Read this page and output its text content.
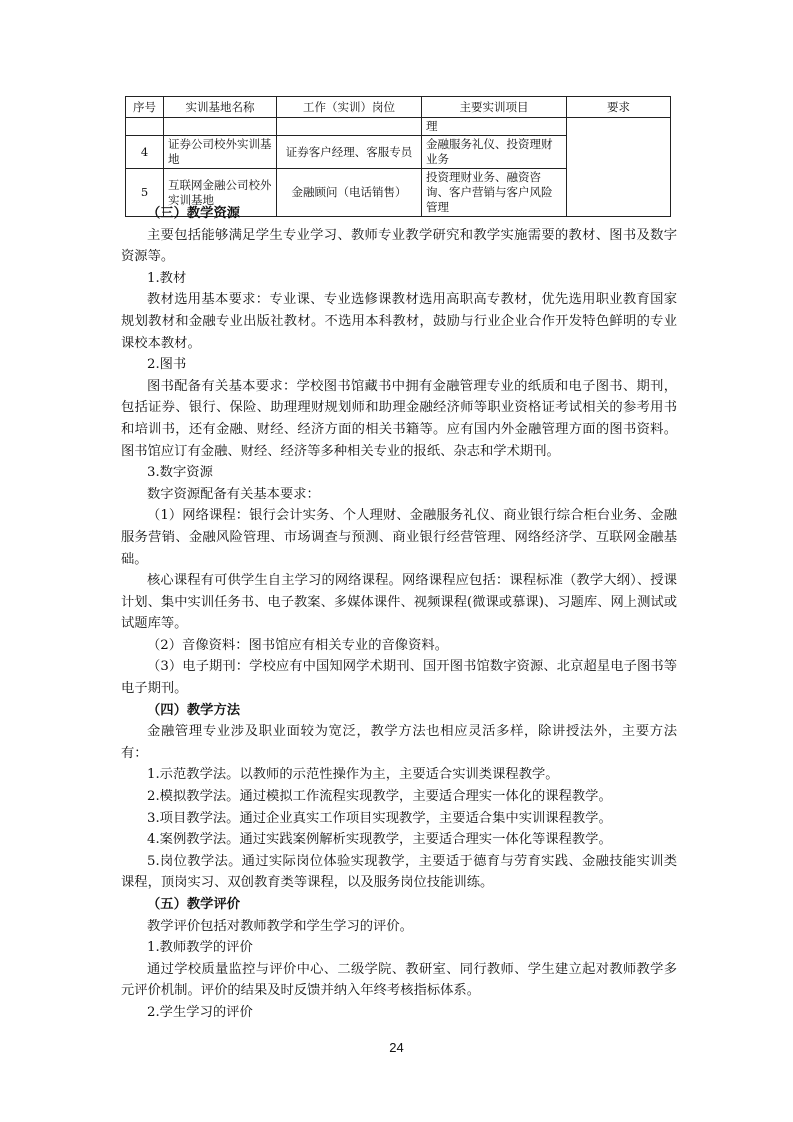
序号	实训基地名称	工作（实训）岗位	主要实训项目	要求
			理	
4	证券公司校外实训基地	证券客户经理、客服专员	金融服务礼仪、投资理财业务	
5	互联网金融公司校外实训基地	金融顾问（电话销售）	投资理财业务、融资咨询、客户营销与客户风险管理	

（三）教学资源

主要包括能够满足学生专业学习、教师专业教学研究和教学实施需要的教材、图书及数字资源等。

1.教材

教材选用基本要求：专业课、专业选修课教材选用高职高专教材，优先选用职业教育国家规划教材和金融专业出版社教材。不选用本科教材，鼓励与行业企业合作开发特色鲜明的专业课校本教材。

2.图书

图书配备有关基本要求：学校图书馆藏书中拥有金融管理专业的纸质和电子图书、期刊，包括证券、银行、保险、助理理财规划师和助理金融经济师等职业资格证考试相关的参考用书和培训书，还有金融、财经、经济方面的相关书籍等。应有国内外金融管理方面的图书资料。图书馆应订有金融、财经、经济等多种相关专业的报纸、杂志和学术期刊。

3.数字资源

数字资源配备有关基本要求：

（1）网络课程：银行会计实务、个人理财、金融服务礼仪、商业银行综合柜台业务、金融服务营销、金融风险管理、市场调查与预测、商业银行经营管理、网络经济学、互联网金融基础。

核心课程有可供学生自主学习的网络课程。网络课程应包括：课程标准（教学大纲）、授课计划、集中实训任务书、电子教案、多媒体课件、视频课程(微课或慕课)、习题库、网上测试或试题库等。

（2）音像资料：图书馆应有相关专业的音像资料。

（3）电子期刊：学校应有中国知网学术期刊、国开图书馆数字资源、北京超星电子图书等电子期刊。

（四）教学方法

金融管理专业涉及职业面较为宽泛，教学方法也相应灵活多样，除讲授法外，主要方法有：

1.示范教学法。以教师的示范性操作为主，主要适合实训类课程教学。

2.模拟教学法。通过模拟工作流程实现教学，主要适合理实一体化的课程教学。

3.项目教学法。通过企业真实工作项目实现教学，主要适合集中实训课程教学。

4.案例教学法。通过实践案例解析实现教学，主要适合理实一体化等课程教学。

5.岗位教学法。通过实际岗位体验实现教学，主要适于德育与劳育实践、金融技能实训类课程，顶岗实习、双创教育类等课程，以及服务岗位技能训练。

（五）教学评价

教学评价包括对教师教学和学生学习的评价。

1.教师教学的评价

通过学校质量监控与评价中心、二级学院、教研室、同行教师、学生建立起对教师教学多元评价机制。评价的结果及时反馈并纳入年终考核指标体系。

2.学生学习的评价

24
